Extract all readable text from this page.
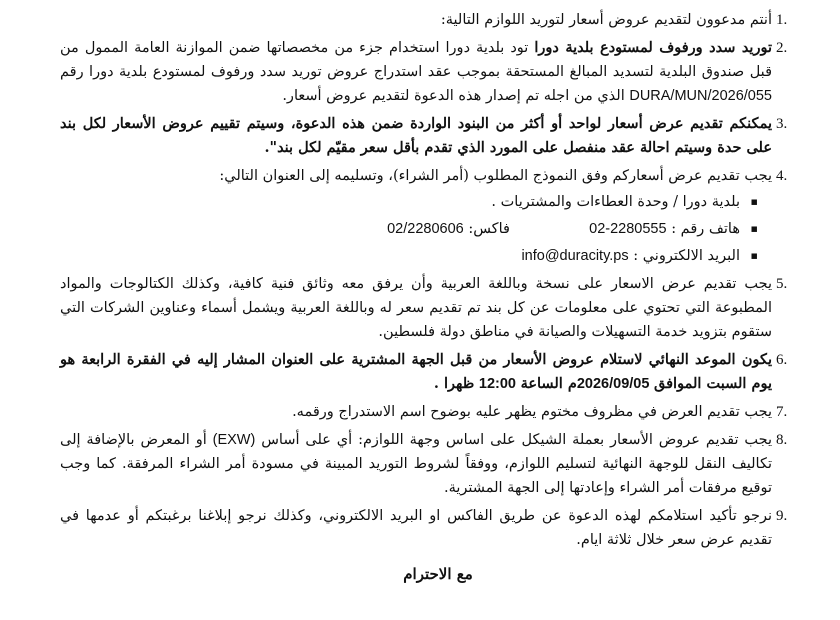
1.
أنتم مدعوون لتقديم عروض أسعار لتوريد اللوازم التالية:
2.
توريد سدد ورفوف لمستودع بلدية دورا تود بلدية دورا استخدام جزء من مخصصاتها ضمن الموازنة العامة الممول من قبل صندوق البلدية لتسديد المبالغ المستحقة بموجب عقد استدراج عروض توريد سدد ورفوف لمستودع بلدية دورا رقم DURA/MUN/2026/055 الذي من اجله تم إصدار هذه الدعوة لتقديم عروض أسعار.
3.
يمكنكم تقديم عرض أسعار لواحد أو أكثر من البنود الواردة ضمن هذه الدعوة، وسيتم تقييم عروض الأسعار لكل بند على حدة وسيتم احالة عقد منفصل على المورد الذي تقدم بأقل سعر مقيّم لكل بند".
4.
يجب تقديم عرض أسعاركم وفق النموذج المطلوب (أمر الشراء)، وتسليمه إلى العنوان التالي:
▪ بلدية دورا / وحدة العطاءات والمشتريات .
▪ هاتف رقم : 02-2280555  فاكس: 02/2280606
▪ البريد الالكتروني : info@duracity.ps
5.
يجب تقديم عرض الاسعار على نسخة وباللغة العربية وأن يرفق معه وثائق فنية كافية، وكذلك الكتالوجات والمواد المطبوعة التي تحتوي على معلومات عن كل بند تم تقديم سعر له وباللغة العربية ويشمل أسماء وعناوين الشركات التي ستقوم بتزويد خدمة التسهيلات والصيانة في مناطق دولة فلسطين.
6.
يكون الموعد النهائي لاستلام عروض الأسعار من قبل الجهة المشترية على العنوان المشار إليه في الفقرة الرابعة هو يوم السبت الموافق 2026/09/05م الساعة 12:00 ظهرا .
7.
يجب تقديم العرض في مظروف مختوم يظهر عليه بوضوح اسم الاستدراج ورقمه.
8.
يجب تقديم عروض الأسعار بعملة الشيكل على اساس وجهة اللوازم: أي على أساس (EXW) أو المعرض بالإضافة إلى تكاليف النقل للوجهة النهائية لتسليم اللوازم، ووفقاً لشروط التوريد المبينة في مسودة أمر الشراء المرفقة. كما وجب توقيع مرفقات أمر الشراء وإعادتها إلى الجهة المشترية.
9.
نرجو تأكيد استلامكم لهذه الدعوة عن طريق الفاكس او البريد الالكتروني، وكذلك نرجو إبلاغنا برغبتكم أو عدمها في تقديم عرض سعر خلال ثلاثة ايام.
مع الاحترام
